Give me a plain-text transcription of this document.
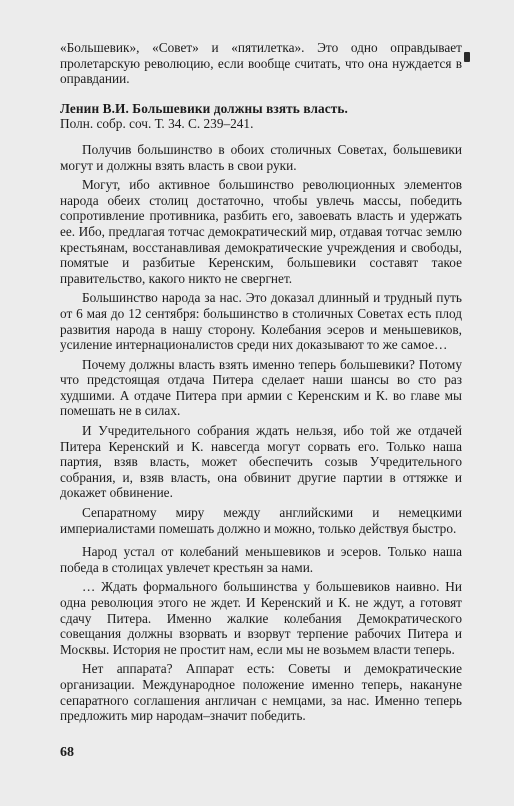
«Большевик», «Совет» и «пятилетка». Это одно оправдывает пролетарскую революцию, если вообще считать, что она нуждается в оправдании.

Ленин В.И. Большевики должны взять власть.

Полн. собр. соч. Т. 34. С. 239–241.

Получив большинство в обоих столичных Советах, большевики могут и должны взять власть в свои руки.

Могут, ибо активное большинство революционных элементов народа обеих столиц достаточно, чтобы увлечь массы, победить сопротивление противника, разбить его, завоевать власть и удержать ее. Ибо, предлагая тотчас демократический мир, отдавая тотчас землю крестьянам, восстанавливая демократические учреждения и свободы, помятые и разбитые Керенским, большевики составят такое правительство, какого никто не свергнет.

Большинство народа за нас. Это доказал длинный и трудный путь от 6 мая до 12 сентября: большинство в столичных Советах есть плод развития народа в нашу сторону. Колебания эсеров и меньшевиков, усиление интернационалистов среди них доказывают то же самое…

Почему должны власть взять именно теперь большевики? Потому что предстоящая отдача Питера сделает наши шансы во сто раз худшими. А отдаче Питера при армии с Керенским и К. во главе мы помешать не в силах.

И Учредительного собрания ждать нельзя, ибо той же отдачей Питера Керенский и К. навсегда могут сорвать его. Только наша партия, взяв власть, может обеспечить созыв Учредительного собрания, и, взяв власть, она обвинит другие партии в оттяжке и докажет обвинение.

Сепаратному миру между английскими и немецкими империалистами помешать должно и можно, только действуя быстро.

Народ устал от колебаний меньшевиков и эсеров. Только наша победа в столицах увлечет крестьян за нами.

… Ждать формального большинства у большевиков наивно. Ни одна революция этого не ждет. И Керенский и К. не ждут, а готовят сдачу Питера. Именно жалкие колебания Демократического совещания должны взорвать и взорвут терпение рабочих Питера и Москвы. История не простит нам, если мы не возьмем власти теперь.

Нет аппарата? Аппарат есть: Советы и демократические организации. Международное положение именно теперь, накануне сепаратного соглашения англичан с немцами, за нас. Именно теперь предложить мир народам–значит победить.

68
